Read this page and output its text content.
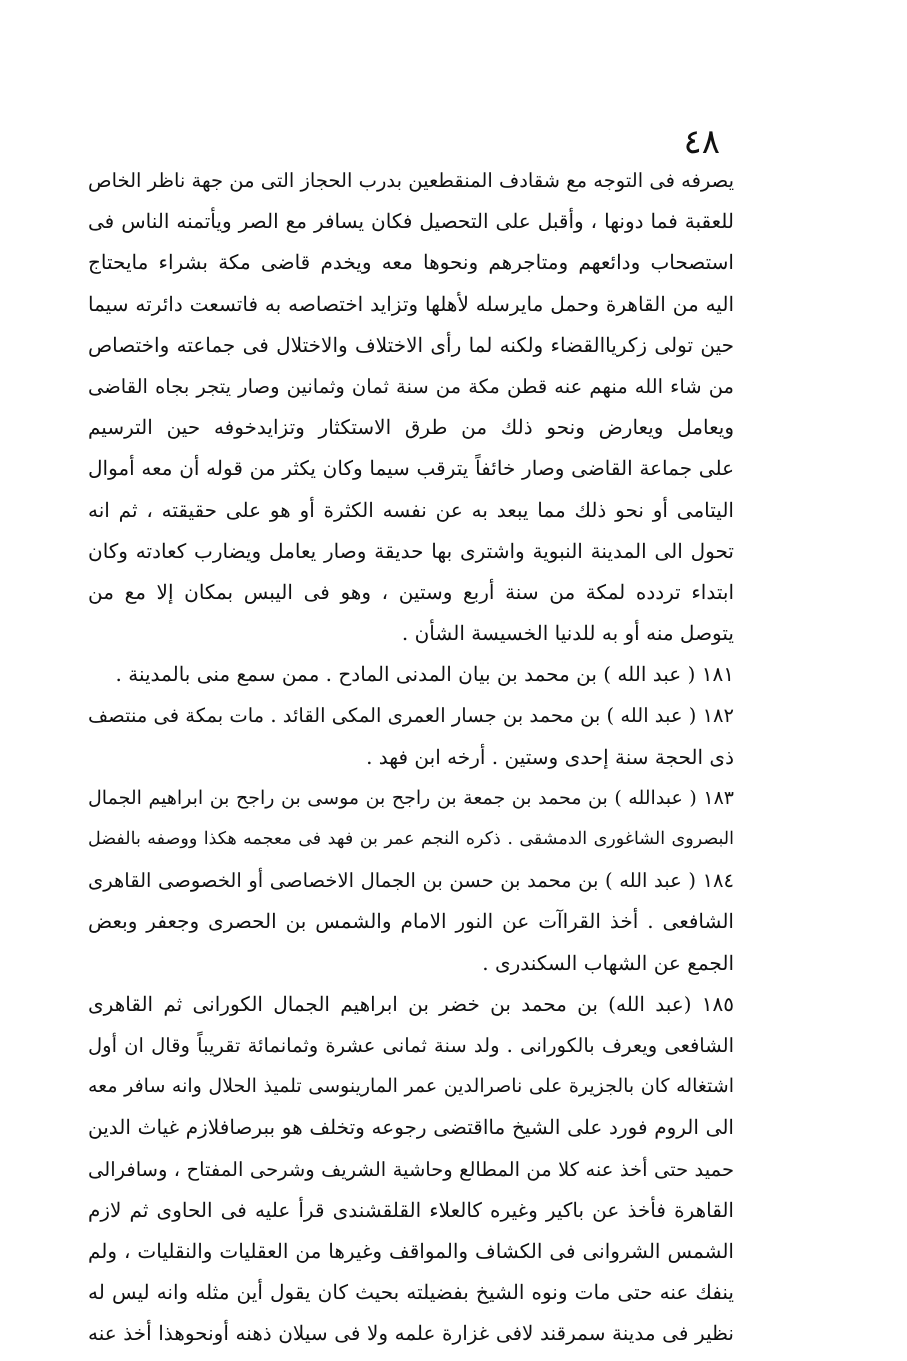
٤٨
يصرفه فى التوجه مع شقادف المنقطعين بدرب الحجاز التى من جهة ناظر الخاص
للعقبة فما دونها ، وأقبل على التحصيل فكان يسافر مع الصر ويأتمنه الناس فى
استصحاب ودائعهم ومتاجرهم ونحوها معه ويخدم قاضى مكة بشراء مايحتاج
اليه من القاهرة وحمل مايرسله لأهلها وتزايد اختصاصه به فاتسعت دائرته سيما
حين تولى زكرياالقضاء ولكنه لما رأى الاختلاف والاختلال فى جماعته واختصاص
من شاء الله منهم عنه قطن مكة من سنة ثمان وثمانين وصار يتجر بجاه القاضى
ويعامل ويعارض ونحو ذلك من طرق الاستكثار وتزايدخوفه حين الترسيم
على جماعة القاضى وصار خائفاً يترقب سيما وكان يكثر من قوله أن معه أموال
اليتامى أو نحو ذلك مما يبعد به عن نفسه الكثرة أو هو على حقيقته ، ثم انه
تحول الى المدينة النبوية واشترى بها حديقة وصار يعامل ويضارب كعادته وكان
ابتداء تردده لمكة من سنة أربع وستين ، وهو فى اليبس بمكان إلا مع من
يتوصل منه أو به للدنيا الخسيسة الشأن .
١٨١ ( عبد الله ) بن محمد بن بيان المدنى المادح . ممن سمع منى بالمدينة .
١٨٢ ( عبد الله ) بن محمد بن جسار العمرى المكى القائد . مات بمكة فى منتصف
ذى الحجة سنة إحدى وستين . أرخه ابن فهد .
١٨٣ ( عبدالله ) بن محمد بن جمعة بن راجح بن موسى بن راجح بن ابراهيم الجمال
البصروى الشاغورى الدمشقى . ذكره النجم عمر بن فهد فى معجمه هكذا ووصفه بالفضل
١٨٤ ( عبد الله ) بن محمد بن حسن بن الجمال الاخصاصى أو الخصوصى القاهرى
الشافعى . أخذ القراآت عن النور الامام والشمس بن الحصرى وجعفر وبعض
الجمع عن الشهاب السكندرى .
١٨٥ (عبد الله) بن محمد بن خضر بن ابراهيم الجمال الكورانى ثم القاهرى
الشافعى ويعرف بالكورانى . ولد سنة ثمانى عشرة وثمانمائة تقريباً وقال ان أول
اشتغاله كان بالجزيرة على ناصرالدين عمر المارينوسى تلميذ الحلال وانه سافر معه
الى الروم فورد على الشيخ مااقتضى رجوعه وتخلف هو ببرصافلازم غياث الدين
حميد حتى أخذ عنه كلا من المطالع وحاشية الشريف وشرحى المفتاح ، وسافرالى
القاهرة فأخذ عن باكير وغيره كالعلاء القلقشندى قرأ عليه فى الحاوى ثم لازم
الشمس الشروانى فى الكشاف والمواقف وغيرها من العقليات والنقليات ، ولم
ينفك عنه حتى مات ونوه الشيخ بفضيلته بحيث كان يقول أين مثله وانه ليس له
نظير فى مدينة سمرقند لافى غزارة علمه ولا فى سيلان ذهنه أونحوهذا أخذ عنه
